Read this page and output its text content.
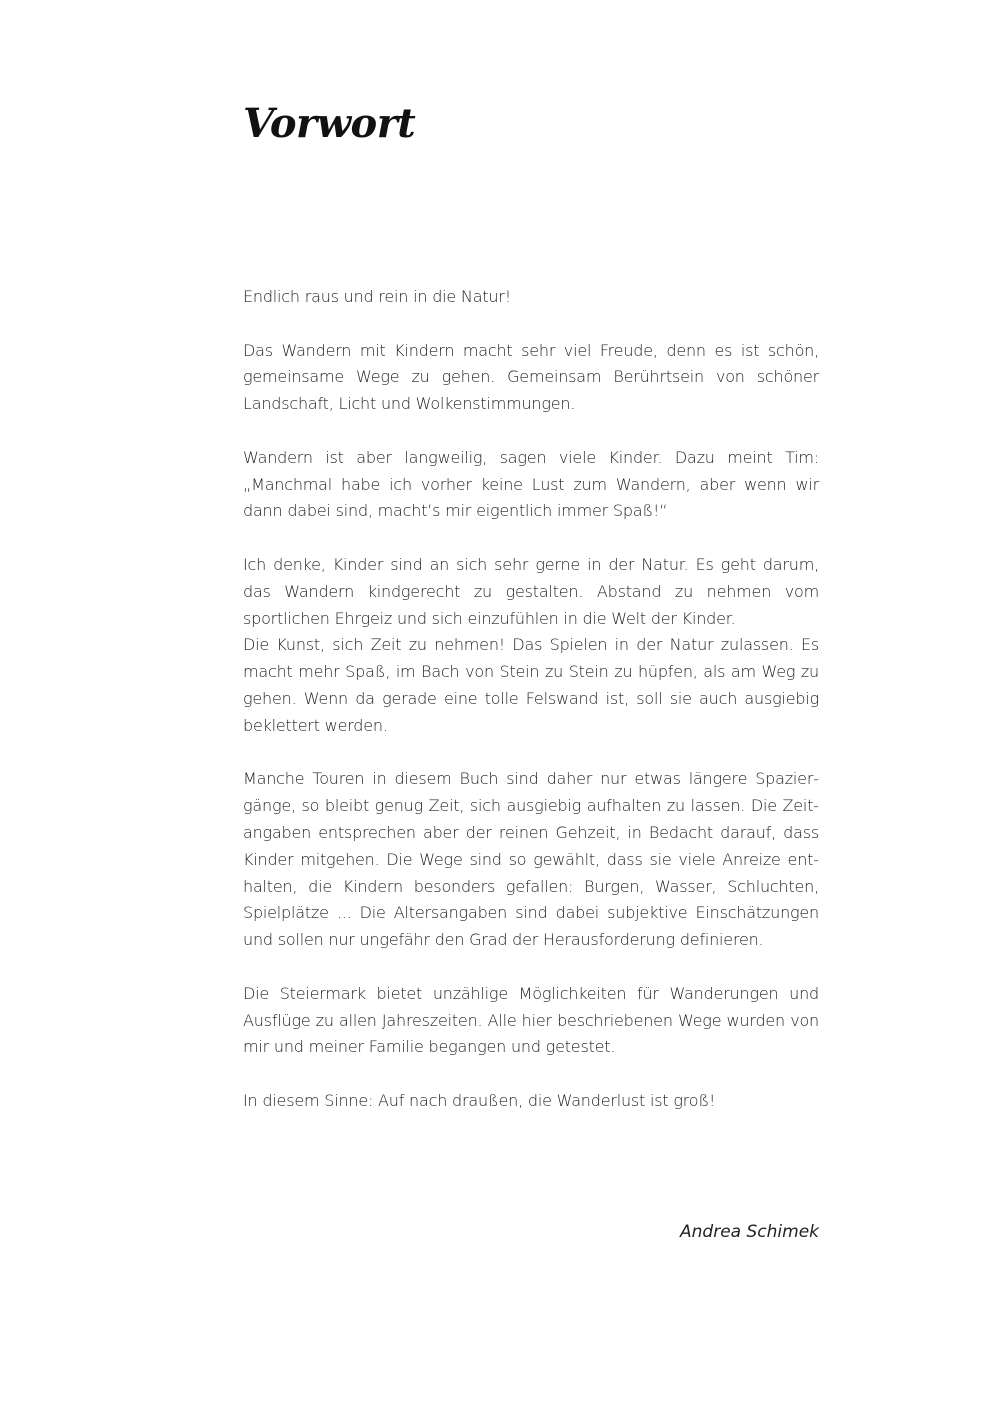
Vorwort

Endlich raus und rein in die Natur!

Das Wandern mit Kindern macht sehr viel Freude, denn es ist schön, gemeinsame Wege zu gehen. Gemeinsam Berührtsein von schöner Landschaft, Licht und Wolkenstimmungen.

Wandern ist aber langweilig, sagen viele Kinder. Dazu meint Tim: „Manchmal habe ich vorher keine Lust zum Wandern, aber wenn wir dann dabei sind, macht’s mir eigentlich immer Spaß!“

Ich denke, Kinder sind an sich sehr gerne in der Natur. Es geht darum, das Wandern kindgerecht zu gestalten. Abstand zu nehmen vom sportlichen Ehrgeiz und sich einzufühlen in die Welt der Kinder.

Die Kunst, sich Zeit zu nehmen! Das Spielen in der Natur zulassen. Es macht mehr Spaß, im Bach von Stein zu Stein zu hüpfen, als am Weg zu gehen. Wenn da gerade eine tolle Felswand ist, soll sie auch ausgiebig beklettert werden.

Manche Touren in diesem Buch sind daher nur etwas längere Spaziergänge, so bleibt genug Zeit, sich ausgiebig aufhalten zu lassen. Die Zeitangaben entsprechen aber der reinen Gehzeit, in Bedacht darauf, dass Kinder mitgehen. Die Wege sind so gewählt, dass sie viele Anreize enthalten, die Kindern besonders gefallen: Burgen, Wasser, Schluchten, Spielplätze ... Die Altersangaben sind dabei subjektive Einschätzungen und sollen nur ungefähr den Grad der Herausforderung definieren.

Die Steiermark bietet unzählige Möglichkeiten für Wanderungen und Ausflüge zu allen Jahreszeiten. Alle hier beschriebenen Wege wurden von mir und meiner Familie begangen und getestet.

In diesem Sinne: Auf nach draußen, die Wanderlust ist groß!

Andrea Schimek
